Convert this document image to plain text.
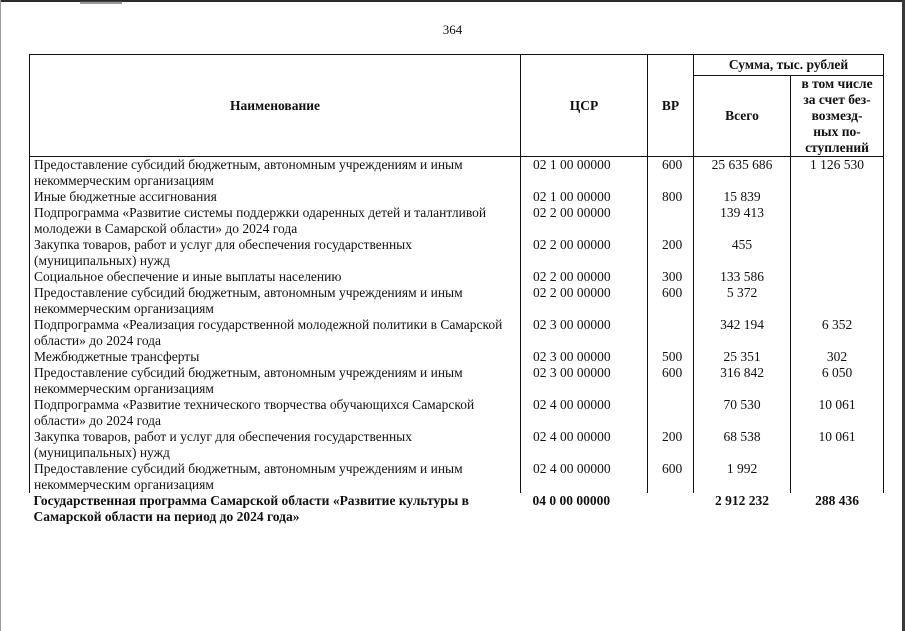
364
Наименование	ЦСР	ВР	Сумма, тыс. рублей	
			Всего	в том числе
за счет без-
возмезд-
ных по-
ступлений

Предоставление субсидий бюджетным, автономным учреждениям и иным некоммерческим организациям	02 1 00 00000	600	25 635 686	1 126 530
Иные бюджетные ассигнования	02 1 00 00000	800	15 839	
Подпрограмма «Развитие системы поддержки одаренных детей и талантливой молодежи в Самарской области» до 2024 года	02 2 00 00000		139 413	
Закупка товаров, работ и услуг для обеспечения государственных (муниципальных) нужд	02 2 00 00000	200	455	
Социальное обеспечение и иные выплаты населению	02 2 00 00000	300	133 586	
Предоставление субсидий бюджетным, автономным учреждениям и иным некоммерческим организациям	02 2 00 00000	600	5 372	
Подпрограмма «Реализация государственной молодежной политики в Самарской области» до 2024 года	02 3 00 00000		342 194	6 352
Межбюджетные трансферты	02 3 00 00000	500	25 351	302
Предоставление субсидий бюджетным, автономным учреждениям и иным некоммерческим организациям	02 3 00 00000	600	316 842	6 050
Подпрограмма «Развитие технического творчества обучающихся Самарской области» до 2024 года	02 4 00 00000		70 530	10 061
Закупка товаров, работ и услуг для обеспечения государственных (муниципальных) нужд	02 4 00 00000	200	68 538	10 061
Предоставление субсидий бюджетным, автономным учреждениям и иным некоммерческим организациям	02 4 00 00000	600	1 992	
Государственная программа Самарской области «Развитие культуры в Самарской области на период до 2024 года»	04 0 00 00000		2 912 232	288 436
